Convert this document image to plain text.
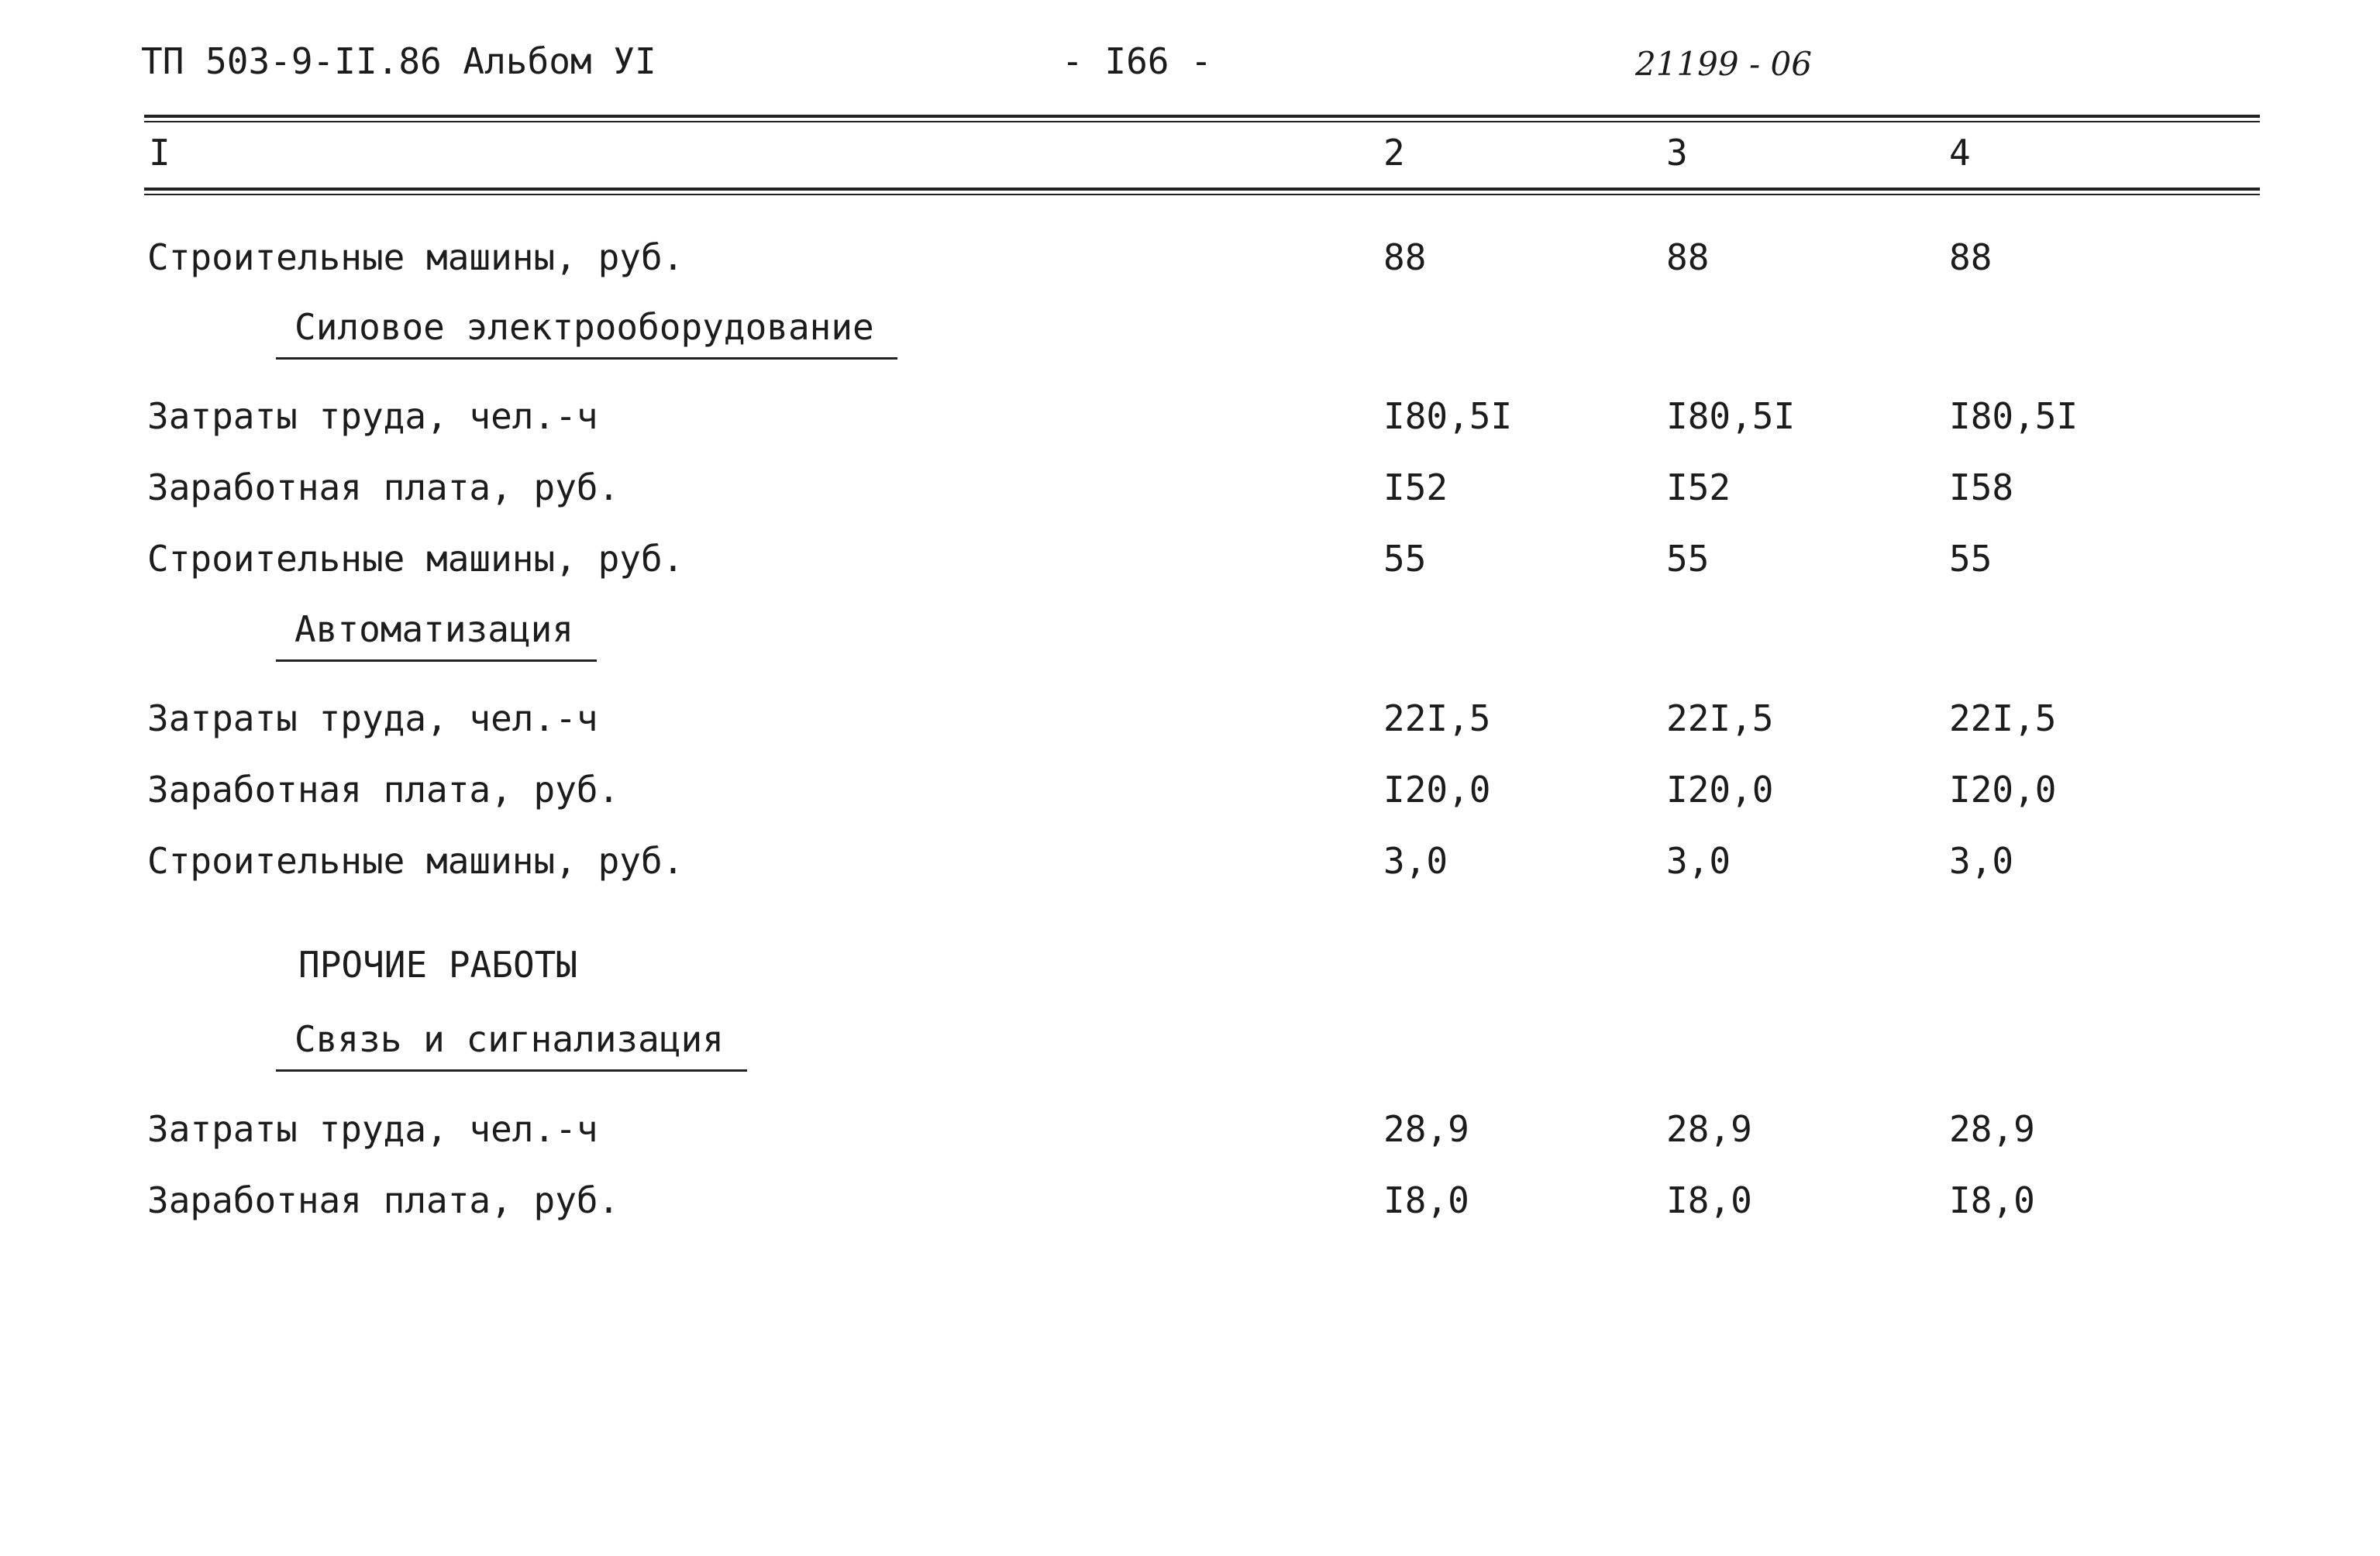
ТП 503-9-II.86 Альбом УI	- I66 -	21199 - 06
I	2	3	4
Строительные машины, руб.	88	88	88
Силовое электрооборудование
Затраты труда, чел.-ч	I80,5I	I80,5I	I80,5I
Заработная плата, руб.	I52	I52	I58
Строительные машины, руб.	55	55	55
Автоматизация
Затраты труда, чел.-ч	22I,5	22I,5	22I,5
Заработная плата, руб.	I20,0	I20,0	I20,0
Строительные машины, руб.	3,0	3,0	3,0
ПРОЧИЕ РАБОТЫ
Связь и сигнализация
Затраты труда, чел.-ч	28,9	28,9	28,9
Заработная плата, руб.	I8,0	I8,0	I8,0
